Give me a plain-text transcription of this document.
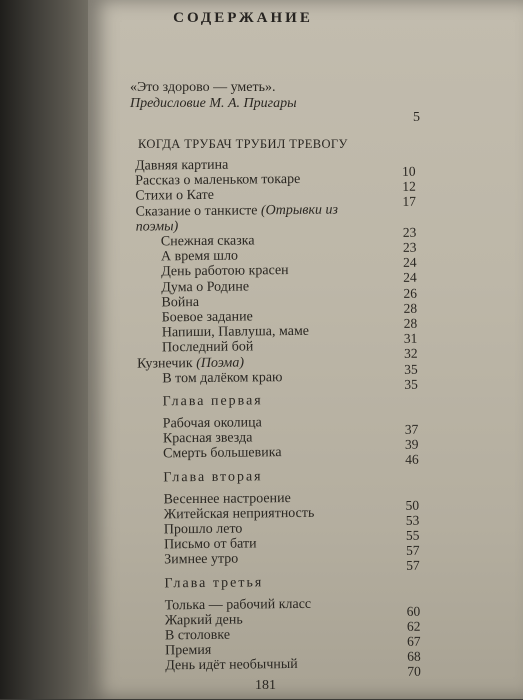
СОДЕРЖАНИЕ
«Это здорово — уметь».
Предисловие М. А. Пригары
5
КОГДА ТРУБАЧ ТРУБИЛ ТРЕВОГУ
Давняя картина	10
Рассказ о маленьком токаре	12
Стихи о Кате	17
Сказание о танкисте (Отрывки из
поэмы)	23
Снежная сказка	23
А время шло	24
День работою красен	24
Дума о Родине	26
Война	28
Боевое задание	28
Напиши, Павлуша, маме	31
Последний бой	32
Кузнечик (Поэма)	35
В том далёком краю	35
Глава первая
Рабочая околица	37
Красная звезда	39
Смерть большевика	46
Глава вторая
Весеннее настроение	50
Житейская неприятность	53
Прошло лето	55
Письмо от бати	57
Зимнее утро	57
Глава третья
Толька — рабочий класс	60
Жаркий день	62
В столовке	67
Премия	68
День идёт необычный	70
181
